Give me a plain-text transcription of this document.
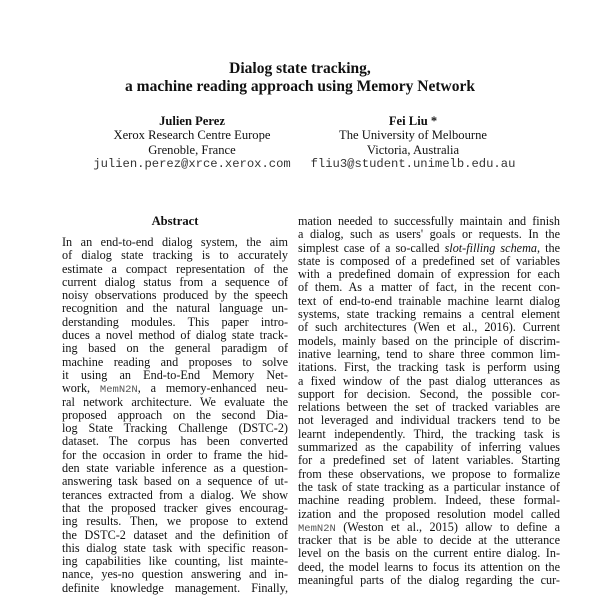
Dialog state tracking,
a machine reading approach using Memory Network
Julien Perez
Xerox Research Centre Europe
Grenoble, France
julien.perez@xrce.xerox.com
Fei Liu *
The University of Melbourne
Victoria, Australia
fliu3@student.unimelb.edu.au
Abstract
In an end-to-end dialog system, the aim
of dialog state tracking is to accurately
estimate a compact representation of the
current dialog status from a sequence of
noisy observations produced by the speech
recognition and the natural language un-
derstanding modules. This paper intro-
duces a novel method of dialog state track-
ing based on the general paradigm of
machine reading and proposes to solve
it using an End-to-End Memory Net-
work, MemN2N, a memory-enhanced neu-
ral network architecture. We evaluate the
proposed approach on the second Dia-
log State Tracking Challenge (DSTC-2)
dataset. The corpus has been converted
for the occasion in order to frame the hid-
den state variable inference as a question-
answering task based on a sequence of ut-
terances extracted from a dialog. We show
that the proposed tracker gives encourag-
ing results. Then, we propose to extend
the DSTC-2 dataset and the definition of
this dialog state task with specific reason-
ing capabilities like counting, list mainte-
nance, yes-no question answering and in-
definite knowledge management. Finally,
mation needed to successfully maintain and finish
a dialog, such as users' goals or requests. In the
simplest case of a so-called slot-filling schema, the
state is composed of a predefined set of variables
with a predefined domain of expression for each
of them. As a matter of fact, in the recent con-
text of end-to-end trainable machine learnt dialog
systems, state tracking remains a central element
of such architectures (Wen et al., 2016). Current
models, mainly based on the principle of discrim-
inative learning, tend to share three common lim-
itations. First, the tracking task is perform using
a fixed window of the past dialog utterances as
support for decision. Second, the possible cor-
relations between the set of tracked variables are
not leveraged and individual trackers tend to be
learnt independently. Third, the tracking task is
summarized as the capability of inferring values
for a predefined set of latent variables. Starting
from these observations, we propose to formalize
the task of state tracking as a particular instance of
machine reading problem. Indeed, these formal-
ization and the proposed resolution model called
MemN2N (Weston et al., 2015) allow to define a
tracker that is be able to decide at the utterance
level on the basis on the current entire dialog. In-
deed, the model learns to focus its attention on the
meaningful parts of the dialog regarding the cur-
